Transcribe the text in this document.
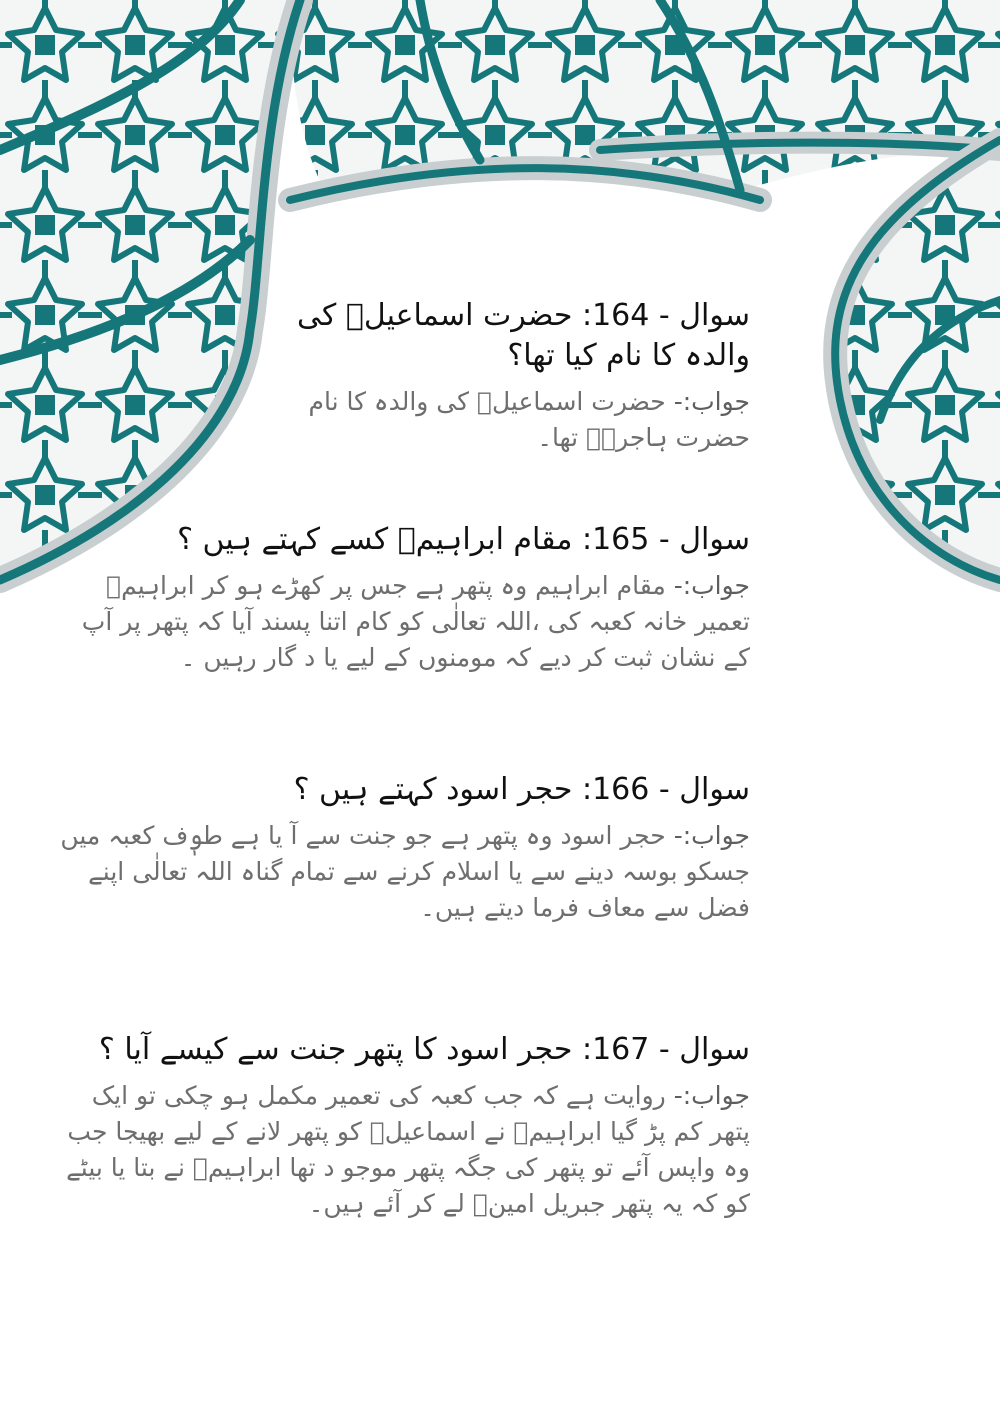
سوال - 164: حضرت اسماعیلؑ کی والدہ کا نام کیا تھا؟

جواب:- حضرت اسماعیلؑ کی والدہ کا نام حضرت ہاجرہؑ تھا۔

سوال - 165: مقام ابراہیمؑ کسے کہتے ہیں ؟

جواب:- مقام ابراہیم وہ پتھر ہے جس پر کھڑے ہو کر ابراہیمؑ تعمیر خانہ کعبہ کی ،اللہ تعالٰی کو کام اتنا پسند آیا کہ پتھر پر آپ کے نشان ثبت کر دیے کہ مومنوں کے لیے یا د گار رہیں ۔

سوال - 166: حجر اسود کہتے ہیں ؟

جواب:- حجر اسود وہ پتھر ہے جو جنت سے آ یا ہے طوٖف کعبہ میں جسکو بوسہ دینے سے یا اسلام کرنے سے تمام گناہ اللہ تعالٰی اپنے فضل سے معاف فرما دیتے ہیں۔

سوال - 167: حجر اسود کا پتھر جنت سے کیسے آیا ؟

جواب:- روایت ہے کہ جب کعبہ کی تعمیر مکمل ہو چکی تو ایک پتھر کم پڑ گیا ابراہیمؑ نے اسماعیلؑ کو پتھر لانے کے لیے بھیجا جب وہ واپس آئے تو پتھر کی جگہ پتھر موجو د تھا ابراہیمؑ نے بتا یا بیٹے کو کہ یہ پتھر جبریل امینؑ لے کر آئے ہیں۔
